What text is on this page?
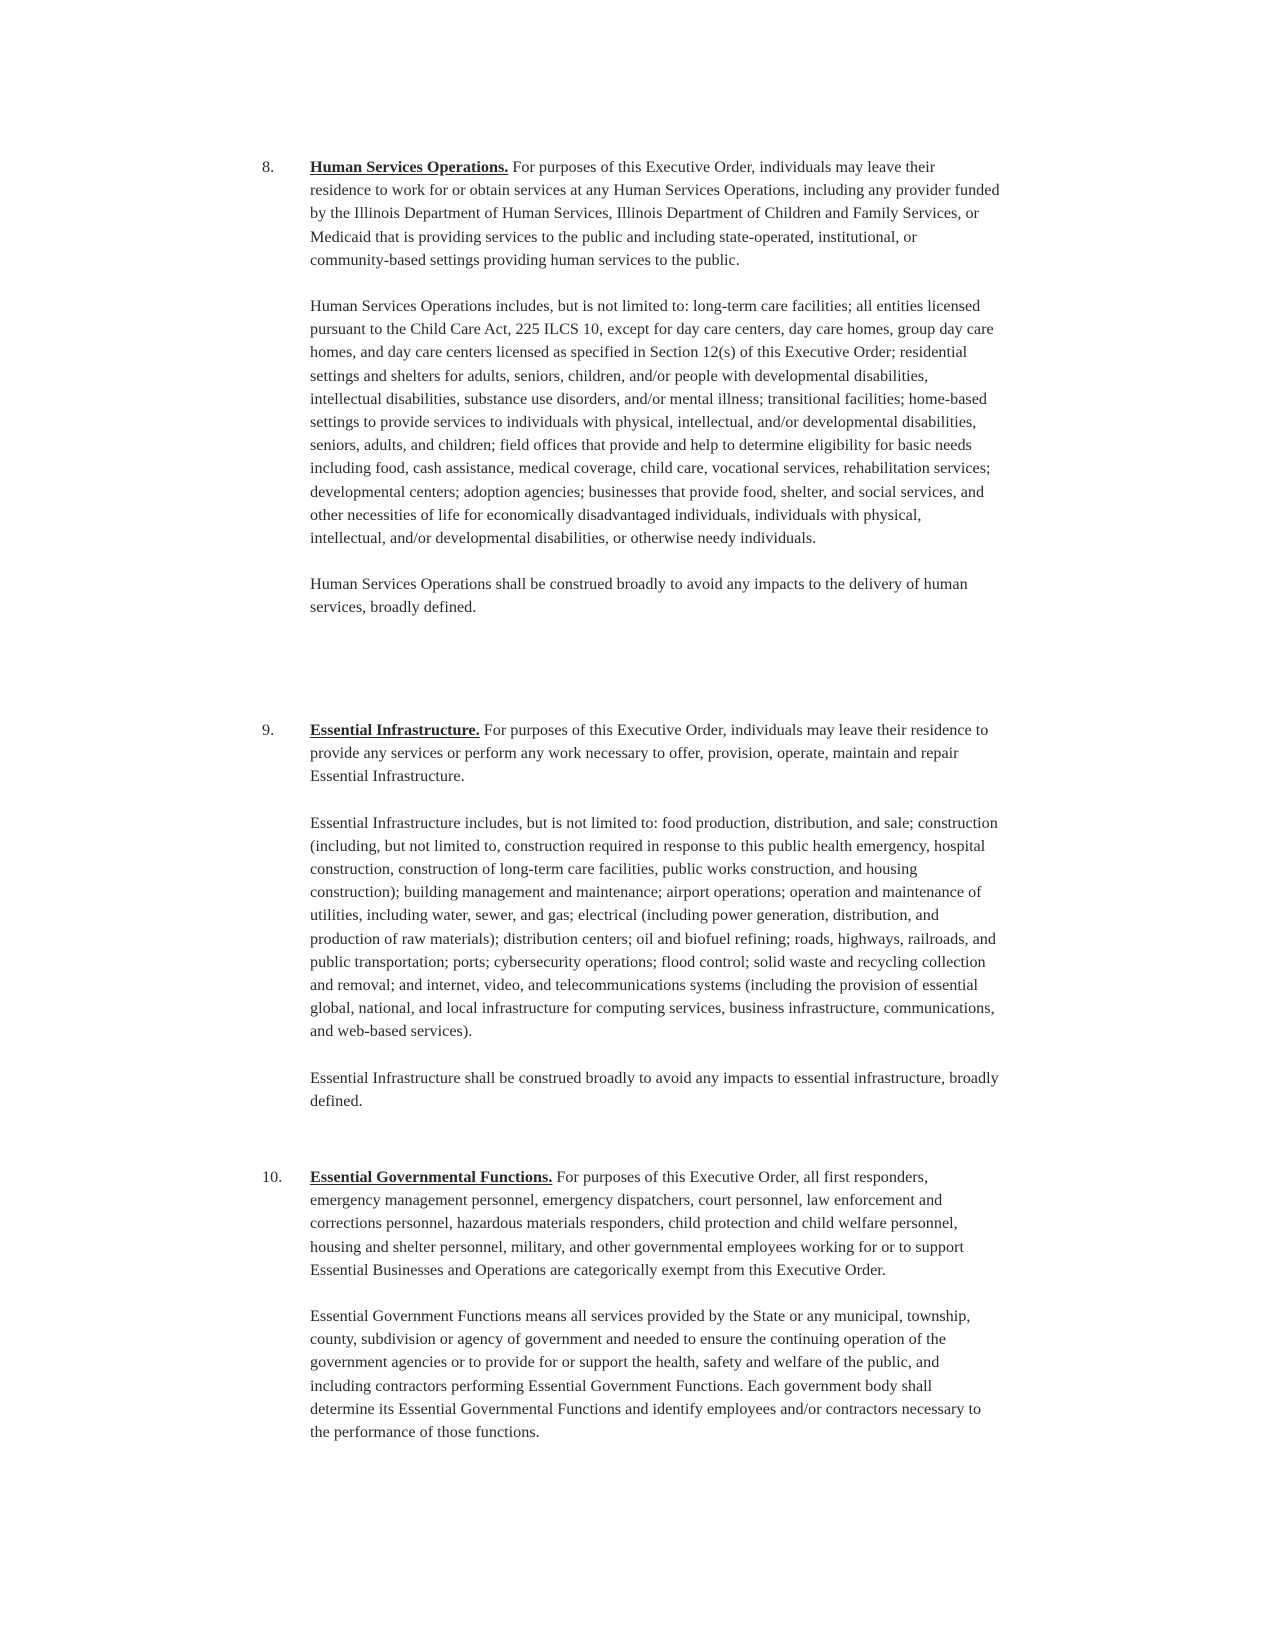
8. Human Services Operations. For purposes of this Executive Order, individuals may leave their residence to work for or obtain services at any Human Services Operations, including any provider funded by the Illinois Department of Human Services, Illinois Department of Children and Family Services, or Medicaid that is providing services to the public and including state-operated, institutional, or community-based settings providing human services to the public.

Human Services Operations includes, but is not limited to: long-term care facilities; all entities licensed pursuant to the Child Care Act, 225 ILCS 10, except for day care centers, day care homes, group day care homes, and day care centers licensed as specified in Section 12(s) of this Executive Order; residential settings and shelters for adults, seniors, children, and/or people with developmental disabilities, intellectual disabilities, substance use disorders, and/or mental illness; transitional facilities; home-based settings to provide services to individuals with physical, intellectual, and/or developmental disabilities, seniors, adults, and children; field offices that provide and help to determine eligibility for basic needs including food, cash assistance, medical coverage, child care, vocational services, rehabilitation services; developmental centers; adoption agencies; businesses that provide food, shelter, and social services, and other necessities of life for economically disadvantaged individuals, individuals with physical, intellectual, and/or developmental disabilities, or otherwise needy individuals.

Human Services Operations shall be construed broadly to avoid any impacts to the delivery of human services, broadly defined.

9. Essential Infrastructure. For purposes of this Executive Order, individuals may leave their residence to provide any services or perform any work necessary to offer, provision, operate, maintain and repair Essential Infrastructure.

Essential Infrastructure includes, but is not limited to: food production, distribution, and sale; construction (including, but not limited to, construction required in response to this public health emergency, hospital construction, construction of long-term care facilities, public works construction, and housing construction); building management and maintenance; airport operations; operation and maintenance of utilities, including water, sewer, and gas; electrical (including power generation, distribution, and production of raw materials); distribution centers; oil and biofuel refining; roads, highways, railroads, and public transportation; ports; cybersecurity operations; flood control; solid waste and recycling collection and removal; and internet, video, and telecommunications systems (including the provision of essential global, national, and local infrastructure for computing services, business infrastructure, communications, and web-based services).

Essential Infrastructure shall be construed broadly to avoid any impacts to essential infrastructure, broadly defined.

10. Essential Governmental Functions. For purposes of this Executive Order, all first responders, emergency management personnel, emergency dispatchers, court personnel, law enforcement and corrections personnel, hazardous materials responders, child protection and child welfare personnel, housing and shelter personnel, military, and other governmental employees working for or to support Essential Businesses and Operations are categorically exempt from this Executive Order.

Essential Government Functions means all services provided by the State or any municipal, township, county, subdivision or agency of government and needed to ensure the continuing operation of the government agencies or to provide for or support the health, safety and welfare of the public, and including contractors performing Essential Government Functions. Each government body shall determine its Essential Governmental Functions and identify employees and/or contractors necessary to the performance of those functions.
